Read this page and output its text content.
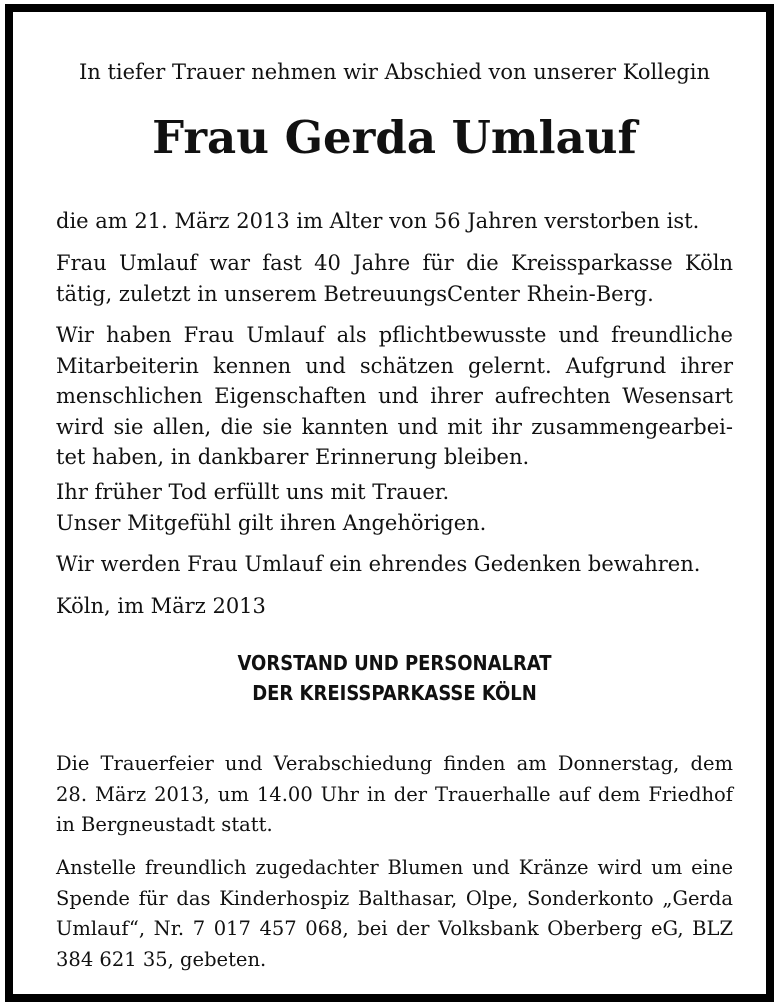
In tiefer Trauer nehmen wir Abschied von unserer Kollegin
Frau Gerda Umlauf
die am 21. März 2013 im Alter von 56 Jahren verstorben ist.
Frau Umlauf war fast 40 Jahre für die Kreissparkasse Köln
tätig, zuletzt in unserem BetreuungsCenter Rhein-Berg.
Wir haben Frau Umlauf als pflichtbewusste und freundliche
Mitarbeiterin kennen und schätzen gelernt. Aufgrund ihrer
menschlichen Eigenschaften und ihrer aufrechten Wesensart
wird sie allen, die sie kannten und mit ihr zusammengearbei-
tet haben, in dankbarer Erinnerung bleiben.
Ihr früher Tod erfüllt uns mit Trauer.
Unser Mitgefühl gilt ihren Angehörigen.
Wir werden Frau Umlauf ein ehrendes Gedenken bewahren.
Köln, im März 2013
VORSTAND UND PERSONALRAT
DER KREISSPARKASSE KÖLN
Die Trauerfeier und Verabschiedung finden am Donnerstag, dem
28. März 2013, um 14.00 Uhr in der Trauerhalle auf dem Friedhof
in Bergneustadt statt.
Anstelle freundlich zugedachter Blumen und Kränze wird um eine
Spende für das Kinderhospiz Balthasar, Olpe, Sonderkonto „Gerda
Umlauf“, Nr. 7 017 457 068, bei der Volksbank Oberberg eG, BLZ
384 621 35, gebeten.
